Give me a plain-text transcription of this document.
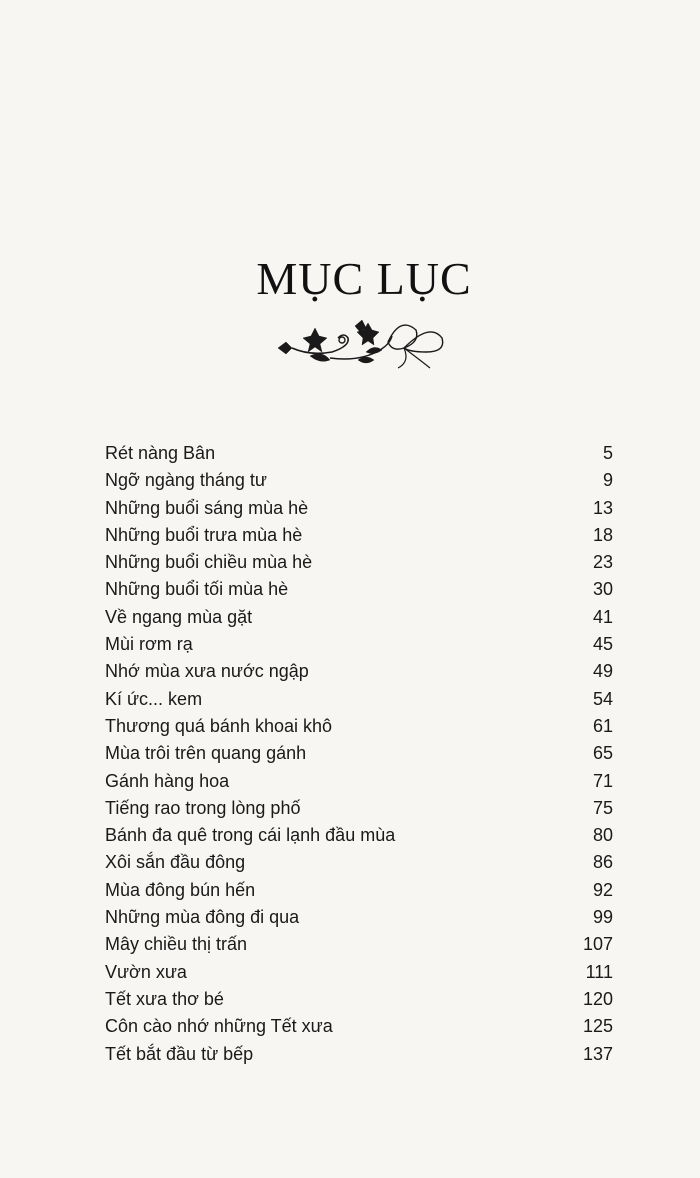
MỤC LỤC
Rét nàng Bân	5
Ngỡ ngàng tháng tư	9
Những buổi sáng mùa hè	13
Những buổi trưa mùa hè	18
Những buổi chiều mùa hè	23
Những buổi tối mùa hè	30
Về ngang mùa gặt	41
Mùi rơm rạ	45
Nhớ mùa xưa nước ngập	49
Kí ức... kem	54
Thương quá bánh khoai khô	61
Mùa trôi trên quang gánh	65
Gánh hàng hoa	71
Tiếng rao trong lòng phố	75
Bánh đa quê trong cái lạnh đầu mùa	80
Xôi sắn đầu đông	86
Mùa đông bún hến	92
Những mùa đông đi qua	99
Mây chiều thị trấn	107
Vườn xưa	111
Tết xưa thơ bé	120
Côn cào nhớ những Tết xưa	125
Tết bắt đầu từ bếp	137
